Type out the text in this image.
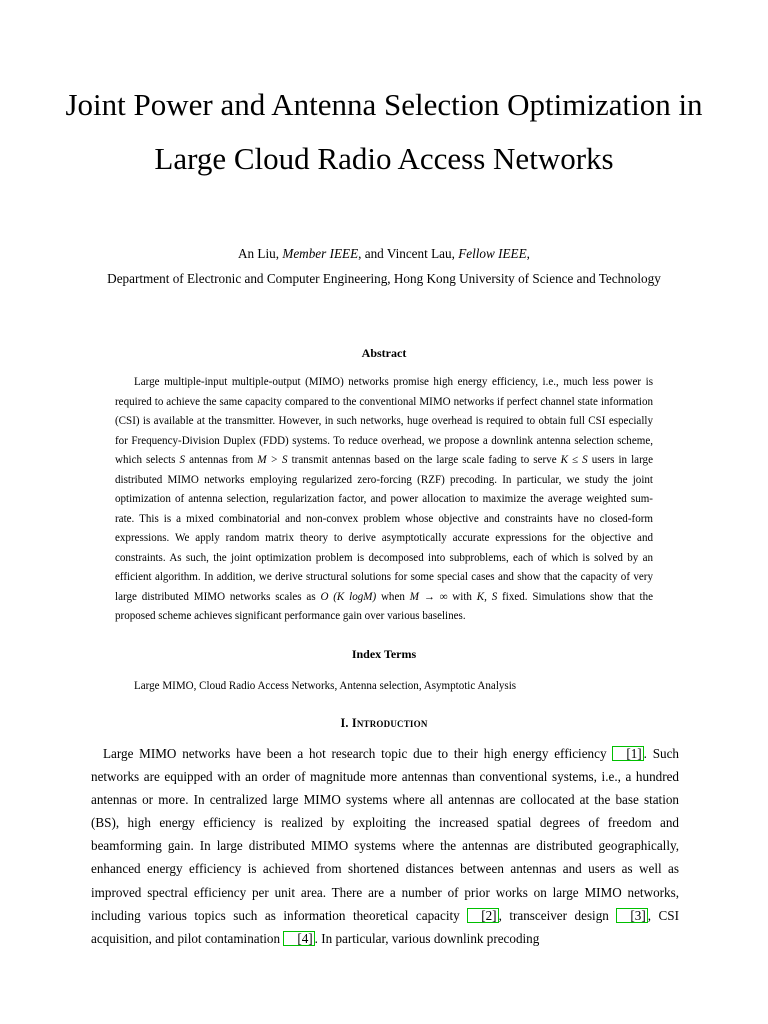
Joint Power and Antenna Selection Optimization in Large Cloud Radio Access Networks

An Liu, Member IEEE, and Vincent Lau, Fellow IEEE,

Department of Electronic and Computer Engineering, Hong Kong University of Science and Technology

Abstract

Large multiple-input multiple-output (MIMO) networks promise high energy efficiency, i.e., much less power is required to achieve the same capacity compared to the conventional MIMO networks if perfect channel state information (CSI) is available at the transmitter. However, in such networks, huge overhead is required to obtain full CSI especially for Frequency-Division Duplex (FDD) systems. To reduce overhead, we propose a downlink antenna selection scheme, which selects S antennas from M > S transmit antennas based on the large scale fading to serve K ≤ S users in large distributed MIMO networks employing regularized zero-forcing (RZF) precoding. In particular, we study the joint optimization of antenna selection, regularization factor, and power allocation to maximize the average weighted sum-rate. This is a mixed combinatorial and non-convex problem whose objective and constraints have no closed-form expressions. We apply random matrix theory to derive asymptotically accurate expressions for the objective and constraints. As such, the joint optimization problem is decomposed into subproblems, each of which is solved by an efficient algorithm. In addition, we derive structural solutions for some special cases and show that the capacity of very large distributed MIMO networks scales as O (K logM) when M → ∞ with K, S fixed. Simulations show that the proposed scheme achieves significant performance gain over various baselines.

Index Terms

Large MIMO, Cloud Radio Access Networks, Antenna selection, Asymptotic Analysis

I. Introduction

Large MIMO networks have been a hot research topic due to their high energy efficiency [1] . Such networks are equipped with an order of magnitude more antennas than conventional systems, i.e., a hundred antennas or more. In centralized large MIMO systems where all antennas are collocated at the base station (BS), high energy efficiency is realized by exploiting the increased spatial degrees of freedom and beamforming gain. In large distributed MIMO systems where the antennas are distributed geographically, enhanced energy efficiency is achieved from shortened distances between antennas and users as well as improved spectral efficiency per unit area. There are a number of prior works on large MIMO networks, including various topics such as information theoretical capacity [2] , transceiver design [3] , CSI acquisition, and pilot contamination [4] . In particular, various downlink precoding
